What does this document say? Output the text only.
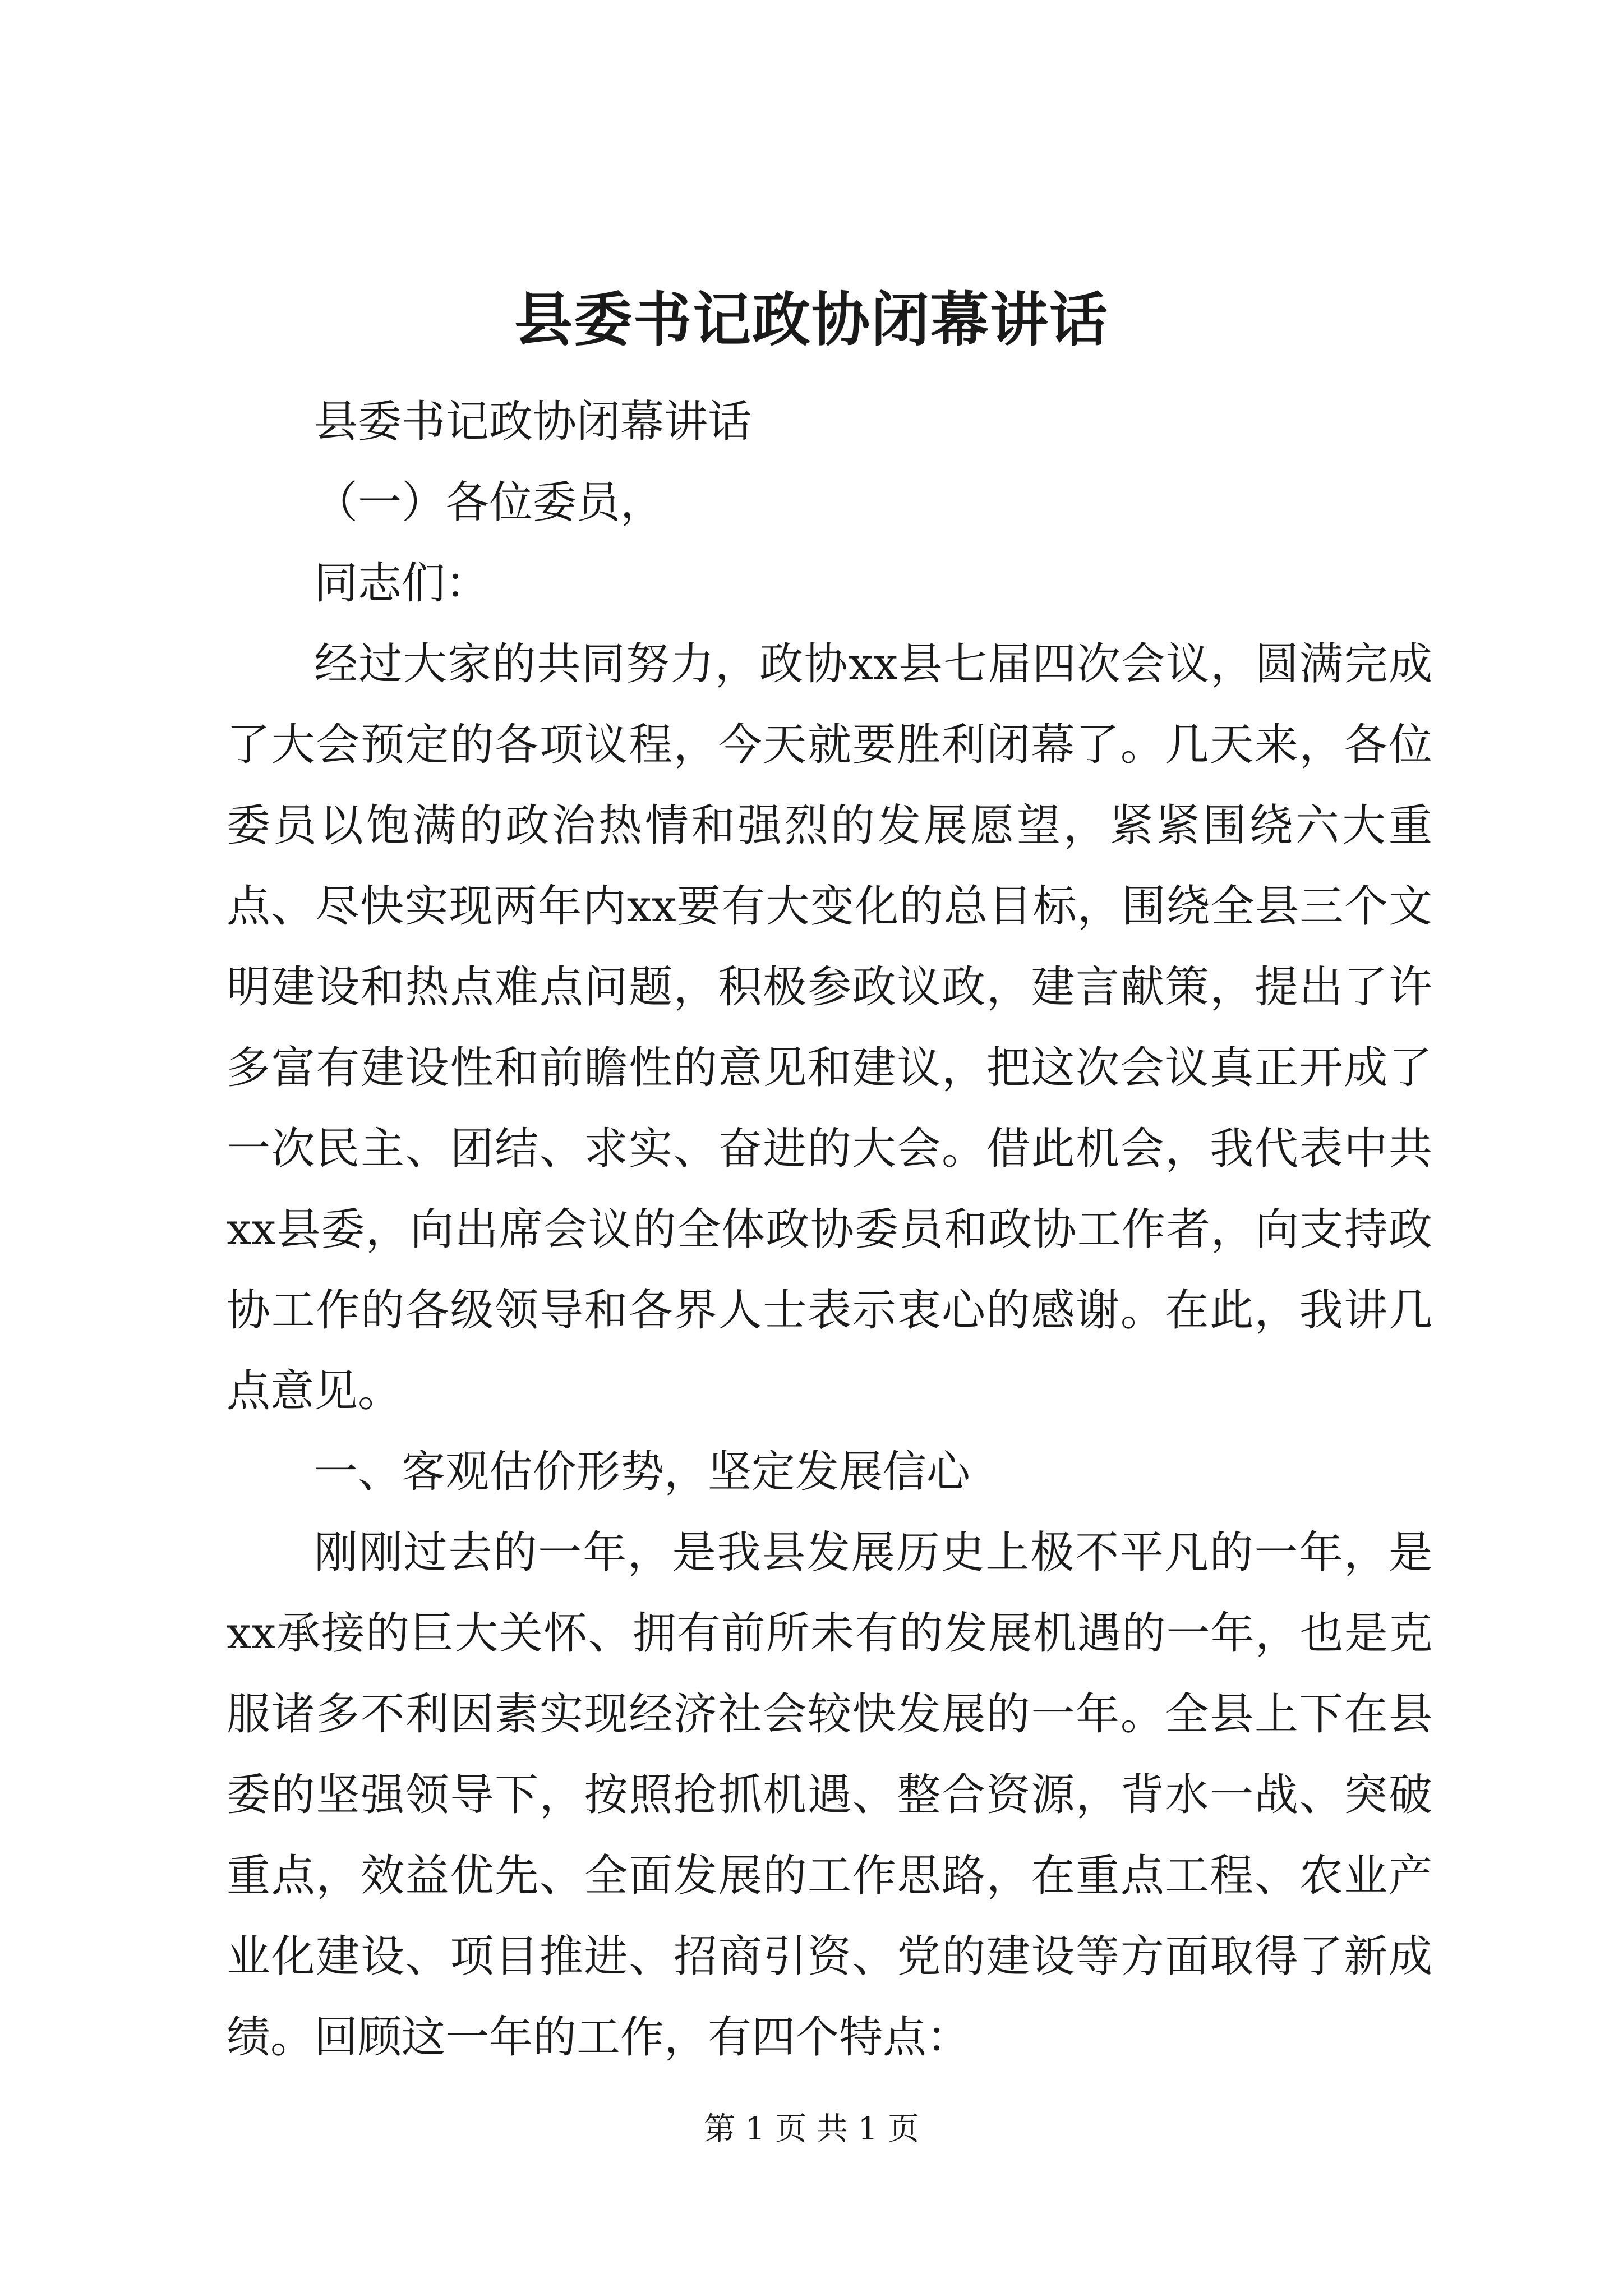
县委书记政协闭幕讲话

县委书记政协闭幕讲话

（一）各位委员，

同志们：

经过大家的共同努力，政协xx县七届四次会议，圆满完成了大会预定的各项议程，今天就要胜利闭幕了。几天来，各位委员以饱满的政治热情和强烈的发展愿望，紧紧围绕六大重点、尽快实现两年内xx要有大变化的总目标，围绕全县三个文明建设和热点难点问题，积极参政议政，建言献策，提出了许多富有建设性和前瞻性的意见和建议，把这次会议真正开成了一次民主、团结、求实、奋进的大会。借此机会，我代表中共xx县委，向出席会议的全体政协委员和政协工作者，向支持政协工作的各级领导和各界人士表示衷心的感谢。在此，我讲几点意见。

一、客观估价形势，坚定发展信心

刚刚过去的一年，是我县发展历史上极不平凡的一年，是xx承接的巨大关怀、拥有前所未有的发展机遇的一年，也是克服诸多不利因素实现经济社会较快发展的一年。全县上下在县委的坚强领导下，按照抢抓机遇、整合资源，背水一战、突破重点，效益优先、全面发展的工作思路，在重点工程、农业产业化建设、项目推进、招商引资、党的建设等方面取得了新成绩。回顾这一年的工作，有四个特点：

第 1 页 共 1 页
